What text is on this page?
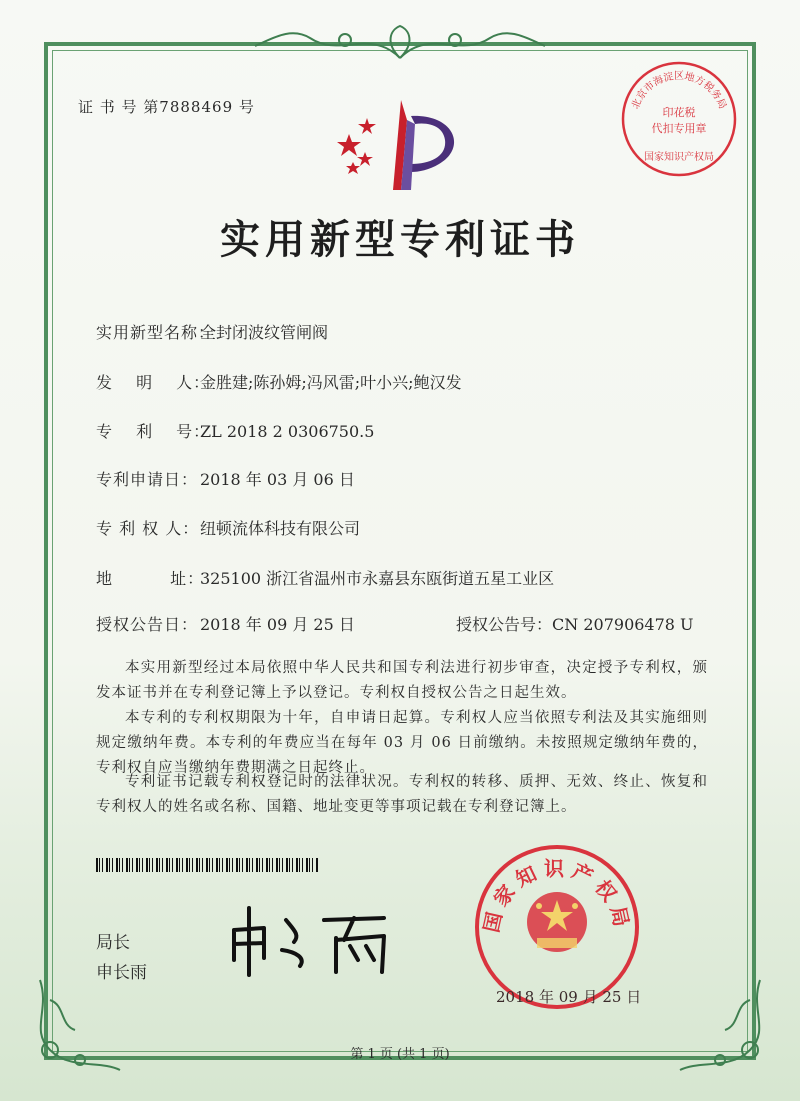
证 书 号 第7888469 号
实用新型专利证书
北京市海淀区地方税务局
印花税
代扣专用章
国家知识产权局
实用新型名称：全封闭波纹管闸阀
发　 明　 人：金胜建;陈孙姆;冯风雷;叶小兴;鲍汉发
专　 利　 号：ZL 2018 2 0306750.5
专利申请日： 2018 年 03 月 06 日
专 利 权 人：纽顿流体科技有限公司
地　　　 址：325100 浙江省温州市永嘉县东瓯街道五星工业区
授权公告日： 2018 年 09 月 25 日	授权公告号：CN 207906478 U
本实用新型经过本局依照中华人民共和国专利法进行初步审查，决定授予专利权，颁发本证书并在专利登记簿上予以登记。专利权自授权公告之日起生效。
本专利的专利权期限为十年，自申请日起算。专利权人应当依照专利法及其实施细则规定缴纳年费。本专利的年费应当在每年 03 月 06 日前缴纳。未按照规定缴纳年费的，专利权自应当缴纳年费期满之日起终止。
专利证书记载专利权登记时的法律状况。专利权的转移、质押、无效、终止、恢复和专利权人的姓名或名称、国籍、地址变更等事项记载在专利登记簿上。
局长
申长雨
国家知识产权局
2018 年 09 月 25 日
第 1 页 (共 1 页)
